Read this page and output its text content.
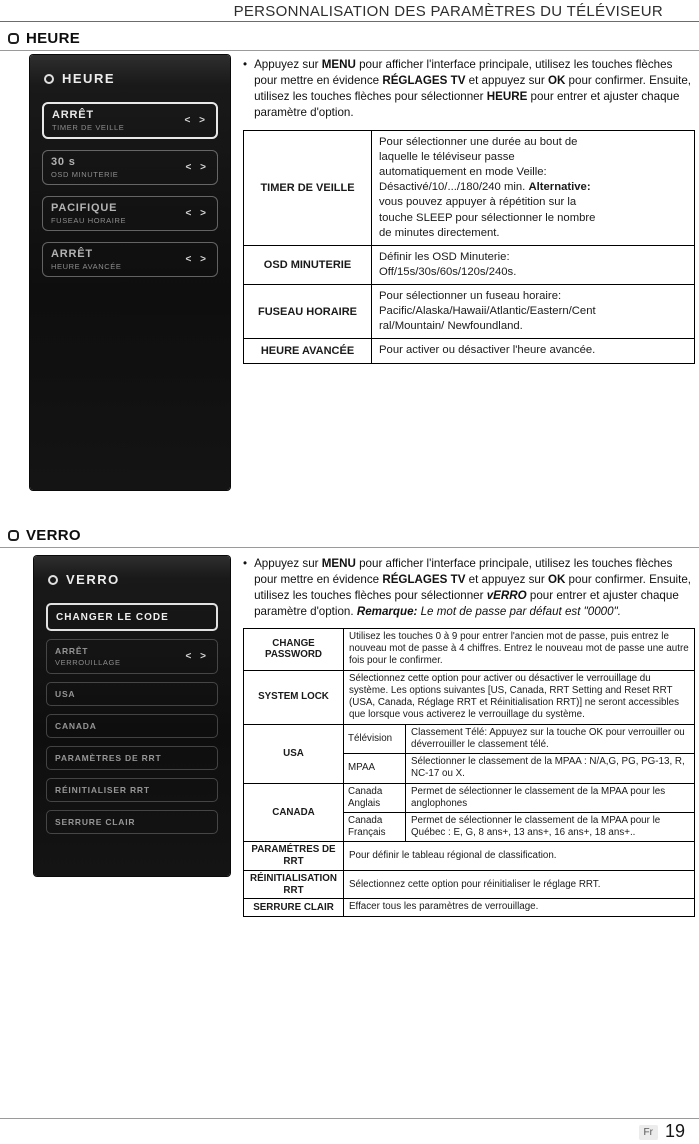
PERSONNALISATION DES PARAMÈTRES DU TÉLÉVISEUR
HEURE
HEURE
ARRÊT
TIMER DE VEILLE
< >
30 s
OSD MINUTERIE
< >
PACIFIQUE
FUSEAU HORAIRE
< >
ARRÊT
HEURE AVANCÉE
< >
• Appuyez sur MENU pour afficher l'interface principale, utilisez les touches flèches pour mettre en évidence RÉGLAGES TV et appuyez sur OK pour confirmer. Ensuite, utilisez les touches flèches pour sélectionner HEURE pour entrer et ajuster chaque paramètre d'option.
TIMER DE VEILLE	Pour sélectionner une durée au bout de laquelle le téléviseur passe automatiquement en mode Veille: Désactivé/10/.../180/240 min. Alternative: vous pouvez appuyer à répétition sur la touche SLEEP pour sélectionner le nombre de minutes directement.
OSD MINUTERIE	Définir les OSD Minuterie: Off/15s/30s/60s/120s/240s.
FUSEAU HORAIRE	Pour sélectionner un fuseau horaire: Pacific/Alaska/Hawaii/Atlantic/Eastern/Central/Mountain/ Newfoundland.
HEURE AVANCÉE	Pour activer ou désactiver l'heure avancée.
VERRO
VERRO
CHANGER LE CODE
ARRÊT
VERROUILLAGE
< >
USA
CANADA
PARAMÈTRES DE RRT
RÉINITIALISER RRT
SERRURE CLAIR
• Appuyez sur MENU pour afficher l'interface principale, utilisez les touches flèches pour mettre en évidence RÉGLAGES TV et appuyez sur OK pour confirmer. Ensuite, utilisez les touches flèches pour sélectionner vERRO pour entrer et ajuster chaque paramètre d'option. Remarque: Le mot de passe par défaut est "0000".
CHANGE PASSWORD	Utilisez les touches 0 à 9 pour entrer l'ancien mot de passe, puis entrez le nouveau mot de passe à 4 chiffres. Entrez le nouveau mot de passe une autre fois pour le confirmer.	
SYSTEM LOCK	Sélectionnez cette option pour activer ou désactiver le verrouillage du système. Les options suivantes [US, Canada, RRT Setting and Reset RRT (USA, Canada, Réglage RRT et Réinitialisation RRT)] ne seront accessibles que lorsque vous activerez le verrouillage du système.	
USA	Télévision	Classement Télé: Appuyez sur la touche OK pour verrouiller ou déverrouiller le classement télé.
	MPAA	Sélectionner le classement de la MPAA : N/A,G, PG, PG-13, R, NC-17 ou X.
CANADA	Canada Anglais	Permet de sélectionner le classement de la MPAA pour les anglophones
	Canada Français	Permet de sélectionner le classement de la MPAA pour le Québec : E, G, 8 ans+, 13 ans+, 16 ans+, 18 ans+..
PARAMÉTRES DE RRT	Pour définir le tableau régional de classification.	
RÉINITIALISATION RRT	Sélectionnez cette option pour réinitialiser le réglage RRT.	
SERRURE CLAIR	Effacer tous les paramètres de verrouillage.	
Fr 19
